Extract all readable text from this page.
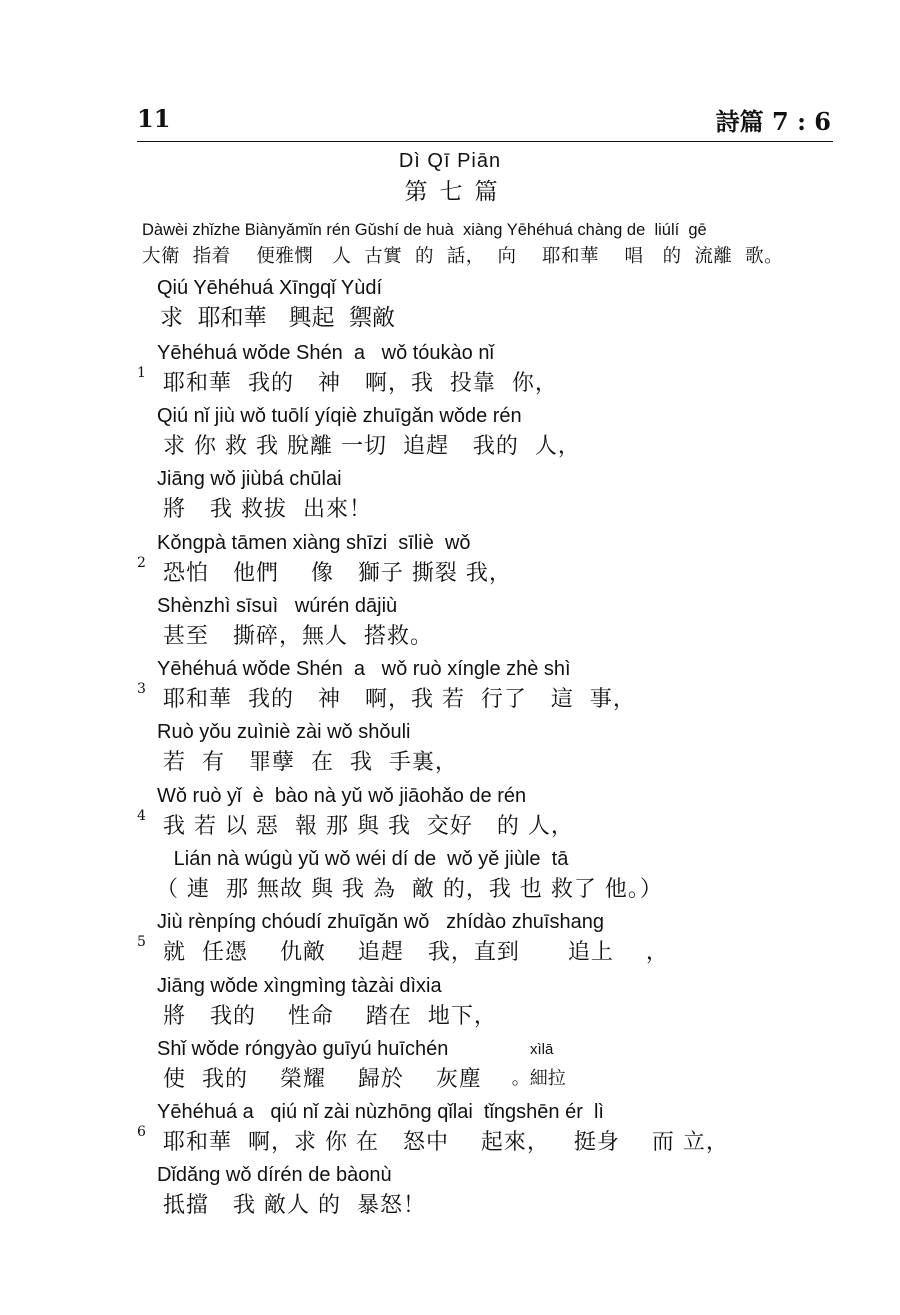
11	詩篇 7 : 6
Dì Qī Piān
第七篇
Dàwèi zhǐzhe Biànyǎmǐn rén Gǔshí de huà  xiàng Yēhéhuá chàng de  liúlí  gē
大衛  指着    便雅憫   人  古實  的  話，  向    耶和華    唱   的  流離  歌。
Qiú Yēhéhuá Xīngqǐ Yùdí
求  耶和華   興起  禦敵
1
Yēhéhuá wǒde Shén  a   wǒ tóukào nǐ
耶和華  我的   神   啊，我  投靠  你，
Qiú nǐ jiù wǒ tuōlí yíqiè zhuīgǎn wǒde rén
求 你 救 我 脫離 一切  追趕   我的  人，
Jiāng wǒ jiùbá chūlai
將   我 救拔  出來！
2
Kǒngpà tāmen xiàng shīzi  sīliè  wǒ
恐怕   他們    像   獅子 撕裂 我，
Shènzhì sīsuì   wúrén dājiù
甚至   撕碎，無人  搭救。
3
Yēhéhuá wǒde Shén  a   wǒ ruò xíngle zhè shì
耶和華  我的   神   啊，我 若  行了   這  事，
Ruò yǒu zuìniè zài wǒ shǒuli
若  有   罪孽  在  我  手裏，
4
Wǒ ruò yǐ  è  bào nà yǔ wǒ jiāohǎo de rén
我 若 以 惡  報 那 與 我  交好   的 人，
Lián nà wúgù yǔ wǒ wéi dí de  wǒ yě jiùle  tā
（ 連  那 無故 與 我 為  敵 的，我 也 救了 他。）
5
Jiù rènpíng chóudí zhuīgǎn wǒ   zhídào zhuīshang
就  任憑    仇敵    追趕   我，直到      追上    ，
Jiāng wǒde xìngmìng tàzài dìxia
將   我的    性命    踏在  地下，
Shǐ wǒde róngyào guīyú huīchén
使  我的    榮耀    歸於    灰塵
xìlā
。細拉
6
Yēhéhuá a   qiú nǐ zài nùzhōng qǐlai  tǐngshēn ér  lì
耶和華  啊，求 你 在   怒中    起來，   挺身    而 立，
Dǐdǎng wǒ dírén de bàonù
抵擋   我 敵人 的  暴怒！
